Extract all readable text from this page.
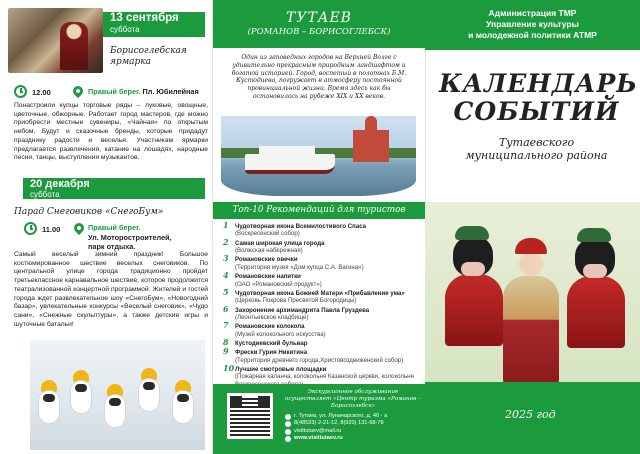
13 сентября
суббота
Борисоглебская
ярмарка
12.00	Правый берег. Пл. Юбилейная

Понастроили купцы торговые ряды – луковые, овощные, цветочные, обжорные. Работает город мастеров, где можно приобрести местные сувениры, «Чайная» по открытым небом. Будут и сказочные бренды, которые придадут празднику радости и веселья. Участникам ярмарки предлагается развлечения, катание на лошадях, народные песни, танцы, выступления музыкантов.

20 декабря
суббота
Парад Снеговиков «СнегоБум»
11.00	Правый берег.
Ул. Моторостроителей,
парк отдыха.

Самый веселый зимний праздник! Большое костюмированное шествие веселых снеговиков. По центральной улице города традиционно пройдет третьеклассное карнавальное шествие, которое продолжится театрализованной концертной программой. Жителей и гостей города ждет развлекательное шоу «СнегоБум», «Новогодний базар», увлекательные конкурсы «Веселый снеговик», «Чудо сани», «Снежные скульптуры», а также детские игры и шуточные батальи!

ТУТАЕВ
(РОМАНОВ – БОРИСОГЛЕБСК)

Один из заповедных городов на Верхней Волге с удивительно прекрасным природным ландшафтом и богатой историей. Город, воспетый в полотнах Б.М. Кустодиева, погружает в атмосферу постоянной провинциальной жизни. Время здесь как бы остановилось на рубеже XIX и XX веков.

Топ-10 Рекомендаций для туристов
1 Чудотворная икона Всемилостивого Спаса
(Воскресенский собор)
2 Самая широкая улица города
(Волжская набережная)
3 Романовские овечки
(Территория музея «Дом купца С.А. Вагина»)
4 Романовские напитки
(ОАО «Романовский продукт»)
5 Чудотворная икона Божией Матери «Прибавление ума»
(Церковь Покрова Пресвятой Богородицы)
6 Захоронение архимандрита Павла Груздева
(Леонтьевское кладбище)
7 Романовские колокола
(Музей колокольного искусства)
8 Кустодиевский бульвар
9 Фрески Гурия Никитина
(Территория древнего города,Христовоздвиженский собор)
10 Лучшие смотровые площадки
(Пожарная каланча, колокольня Казанской церкви, колокольня
Экскурсионное обслуживание осуществляет «Центр туризма «Романов – Борисоглебск»
г. Тутаев, ул. Луначарского, д. 40 - а
8(48533) 2-21-12, 8(920) 131-68-78
visittutaev@mail.ru
www.visittutaev.ru
Администрация ТМР
Управление культуры
и молодежной политики АТМР
КАЛЕНДАРЬ
СОБЫТИЙ
Тутаевского
муниципального района
2025 год
